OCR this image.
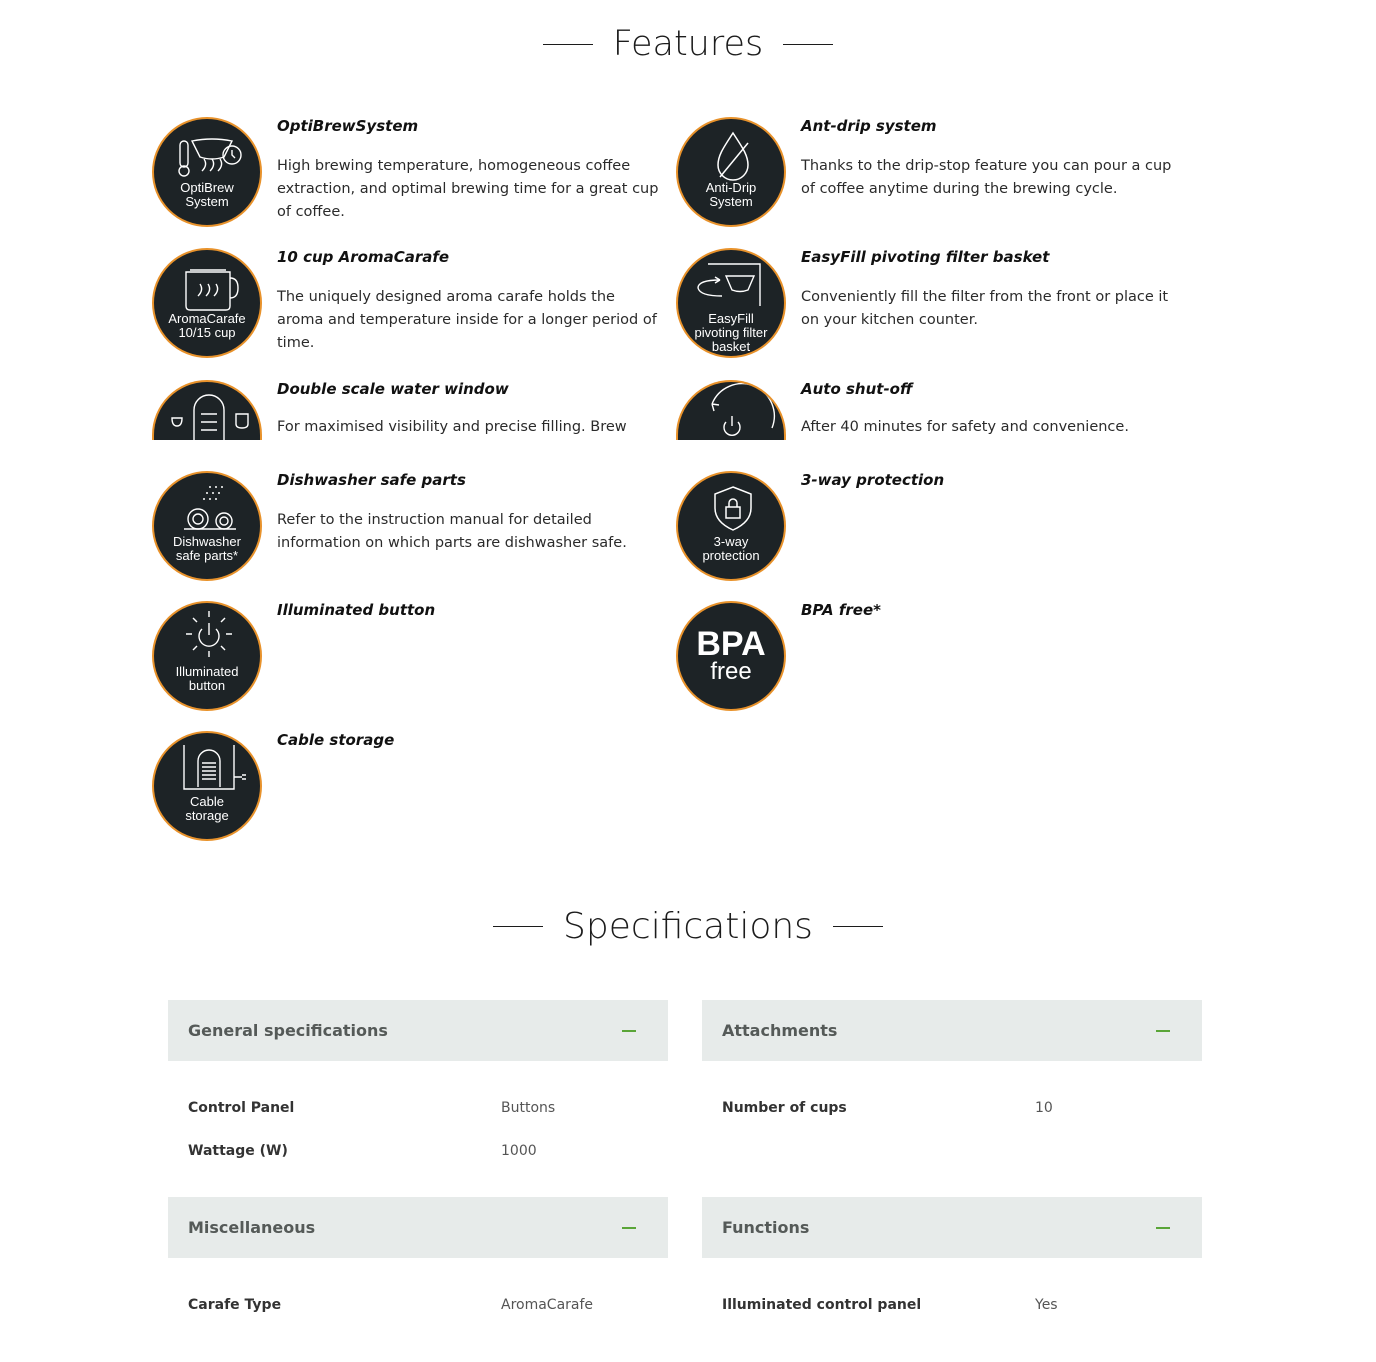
Features
OptiBrew
System
OptiBrewSystem
High brewing temperature, homogeneous coffee extraction, and optimal brewing time for a great cup of coffee.
Anti-Drip
System
Ant-drip system
Thanks to the drip-stop feature you can pour a cup of coffee anytime during the brewing cycle.
AromaCarafe
10/15 cup
10 cup AromaCarafe
The uniquely designed aroma carafe holds the aroma and temperature inside for a longer period of time.
EasyFill
pivoting filter
basket
EasyFill pivoting filter basket
Conveniently fill the filter from the front or place it on your kitchen counter.
Double scale water window
For maximised visibility and precise filling. Brew
Auto shut-off
After 40 minutes for safety and convenience.
Dishwasher
safe parts*
Dishwasher safe parts
Refer to the instruction manual for detailed information on which parts are dishwasher safe.	3-way
protection
3-way protection
Illuminated
button
Illuminated button
BPA
free
BPA free*
Cable
storage
Cable storage
Specifications
General specifications
Control Panel	Buttons
Wattage (W)	1000
Attachments
Number of cups	10
Miscellaneous
Carafe Type	AromaCarafe
Functions
Illuminated control panel	Yes
